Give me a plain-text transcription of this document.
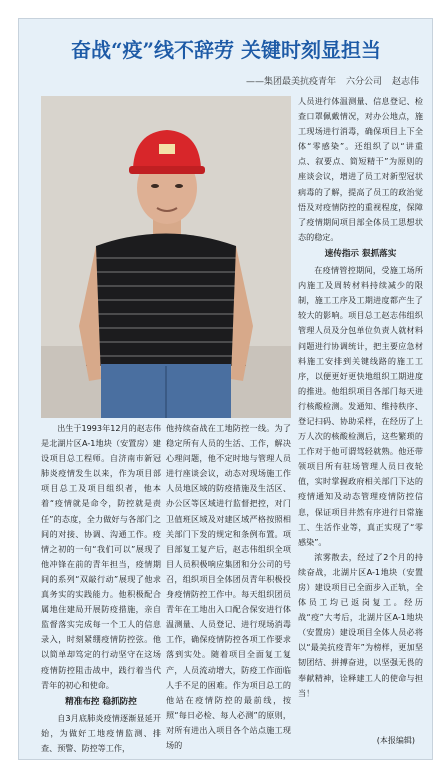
奋战“疫”线不辞劳 关键时刻显担当
——集团最美抗疫青年 六分公司 赵志伟

出生于1993年12月的赵志伟是北湖片区A-1地块（安置房）建设项目总工程师。自济南市新冠肺炎疫情发生以来，作为项目部项目总工及项目组织者，他本着“疫情就是命令，防控就是责任”的态度，全力做好与各部门之间的对接、协调、沟通工作。疫情之初的一句“我们可以”展现了他冲锋在前的青年担当，疫情期间的系列“双敲行动”展现了他求真务实的实践能力。他积极配合属地住建局开展防疫措施，亲自监督落实完成每一个工人的信息录入，时刻紧绷疫情防控弦。他以简单却笃定的行动坚守在这场疫情防控阻击战中，践行着当代青年的初心和使命。

精准布控 稳抓防控

自3月底肺炎疫情逐渐显延开始，为做好工地疫情监测、排查、预警、防控等工作，

他持续奋战在工地防控一线。为了稳定所有人员的生活、工作，解决心理问题，他不定时地与管理人员进行座谈会议，动态对现场施工作人员地区域的防疫措施及生活区、办公区等区域进行监督把控，对门卫值班区域及对建区域严格按照相关部门下发的规定和条例布置。项目部复工复产后，赵志伟组织全项目人员积极响应集团和分公司的号召，组织项目全体团员青年积极投身疫情防控工作中。每天组织团员青年在工地出入口配合保安进行体温测量、人员登记、进行现场消毒工作，确保疫情防控各项工作要求落到实处。随着项目全面复工复产，人员流动增大，防疫工作面临人手不足的困难。作为项目总工的他站在疫情防控的最前线，按照“每日必检、每人必测”的原则，对所有进出入项目各个站点施工现场的

人员进行体温测量、信息登记、检查口罩佩戴情况，对办公地点，施工现场进行消毒，确保项目上下全体“零感染”。还组织了以“讲重点、叙要点、简短精干”为原则的座谈会议，增进了员工对新型冠状病毒的了解，提高了员工的政治觉悟及对疫情防控的重视程度，保障了疫情期间项目部全体员工思想状态的稳定。

速传指示 狠抓落实

在疫情管控期间，受施工场所内施工及周转材料持续减少的限制，施工工序及工期进度都产生了较大的影响。项目总工赵志伟组织管理人员及分包单位负责人就材料问题进行协调统计，把主要应急材料施工安排到关键线路的施工工序，以便更好更快地组织工期进度的推进。他组织项目各部门每天进行核酸检测。发通知、维持秩序、登记扫码、协助采样，在经历了上万人次的核酸检测后，这些繁琐的工作对于他可谓驾轻就熟。他还带领项目所有驻场管理人员日夜轮值，实时掌握政府相关部门下达的疫情通知及动态管理疫情防控信息，保证项目井然有序进行日常施工、生活作业等，真正实现了“零感染”。

浓雾散去，经过了2个月的持续奋战，北湖片区A-1地块（安置房）建设项目已全面步入正轨，全体员工均已返岗复工。经历战“疫”大考后，北湖片区A-1地块（安置房）建设项目全体人员必将以“最美抗疫青年”为榜样，更加坚韧团结、拼搏奋进，以坚强无畏的奉献精神，诠释建工人的使命与担当！

(本报编辑)
